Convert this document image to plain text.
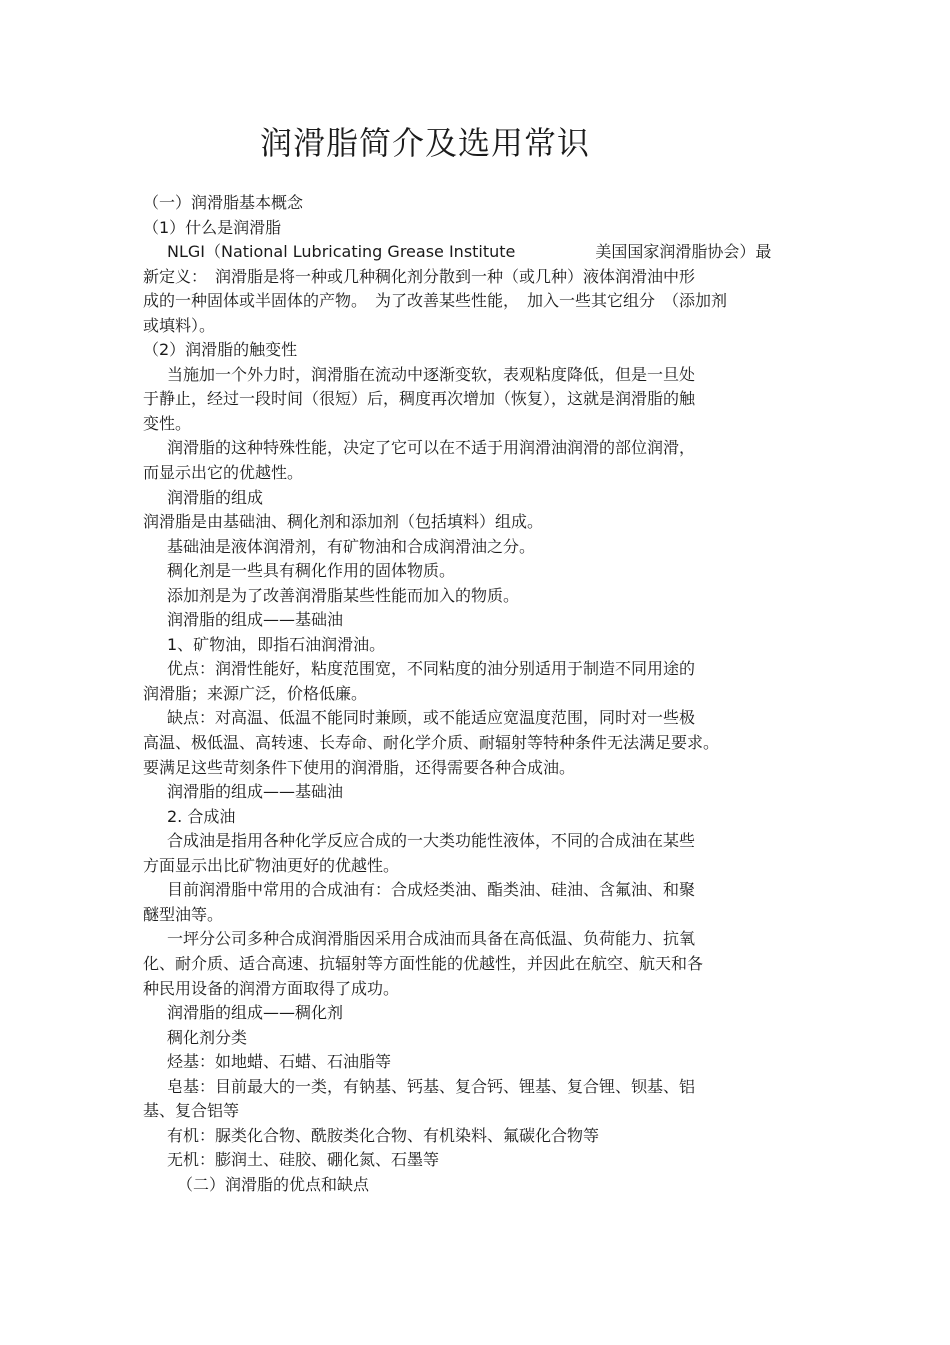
润滑脂简介及选用常识
（一）润滑脂基本概念
（1）什么是润滑脂
NLGI（National Lubricating Grease Institute　　　　　美国国家润滑脂协会）最
新定义：　润滑脂是将一种或几种稠化剂分散到一种（或几种）液体润滑油中形
成的一种固体或半固体的产物。　为了改善某些性能，　加入一些其它组分　（添加剂
或填料）。
（2）润滑脂的触变性
当施加一个外力时，润滑脂在流动中逐渐变软，表观粘度降低，但是一旦处
于静止，经过一段时间（很短）后，稠度再次增加（恢复），这就是润滑脂的触
变性。
润滑脂的这种特殊性能，决定了它可以在不适于用润滑油润滑的部位润滑，
而显示出它的优越性。
润滑脂的组成
润滑脂是由基础油、稠化剂和添加剂（包括填料）组成。
基础油是液体润滑剂，有矿物油和合成润滑油之分。
稠化剂是一些具有稠化作用的固体物质。
添加剂是为了改善润滑脂某些性能而加入的物质。
润滑脂的组成——基础油
1、矿物油，即指石油润滑油。
优点：润滑性能好，粘度范围宽，不同粘度的油分别适用于制造不同用途的
润滑脂；来源广泛，价格低廉。
缺点：对高温、低温不能同时兼顾，或不能适应宽温度范围，同时对一些极
高温、极低温、高转速、长寿命、耐化学介质、耐辐射等特种条件无法满足要求。
要满足这些苛刻条件下使用的润滑脂，还得需要各种合成油。
润滑脂的组成——基础油
2. 合成油
合成油是指用各种化学反应合成的一大类功能性液体，不同的合成油在某些
方面显示出比矿物油更好的优越性。
目前润滑脂中常用的合成油有：合成烃类油、酯类油、硅油、含氟油、和聚
醚型油等。
一坪分公司多种合成润滑脂因采用合成油而具备在高低温、负荷能力、抗氧
化、耐介质、适合高速、抗辐射等方面性能的优越性，并因此在航空、航天和各
种民用设备的润滑方面取得了成功。
润滑脂的组成——稠化剂
稠化剂分类
烃基：如地蜡、石蜡、石油脂等
皂基：目前最大的一类，有钠基、钙基、复合钙、锂基、复合锂、钡基、铝
基、复合铝等
有机：脲类化合物、酰胺类化合物、有机染料、氟碳化合物等
无机：膨润土、硅胶、硼化氮、石墨等
（二）润滑脂的优点和缺点
